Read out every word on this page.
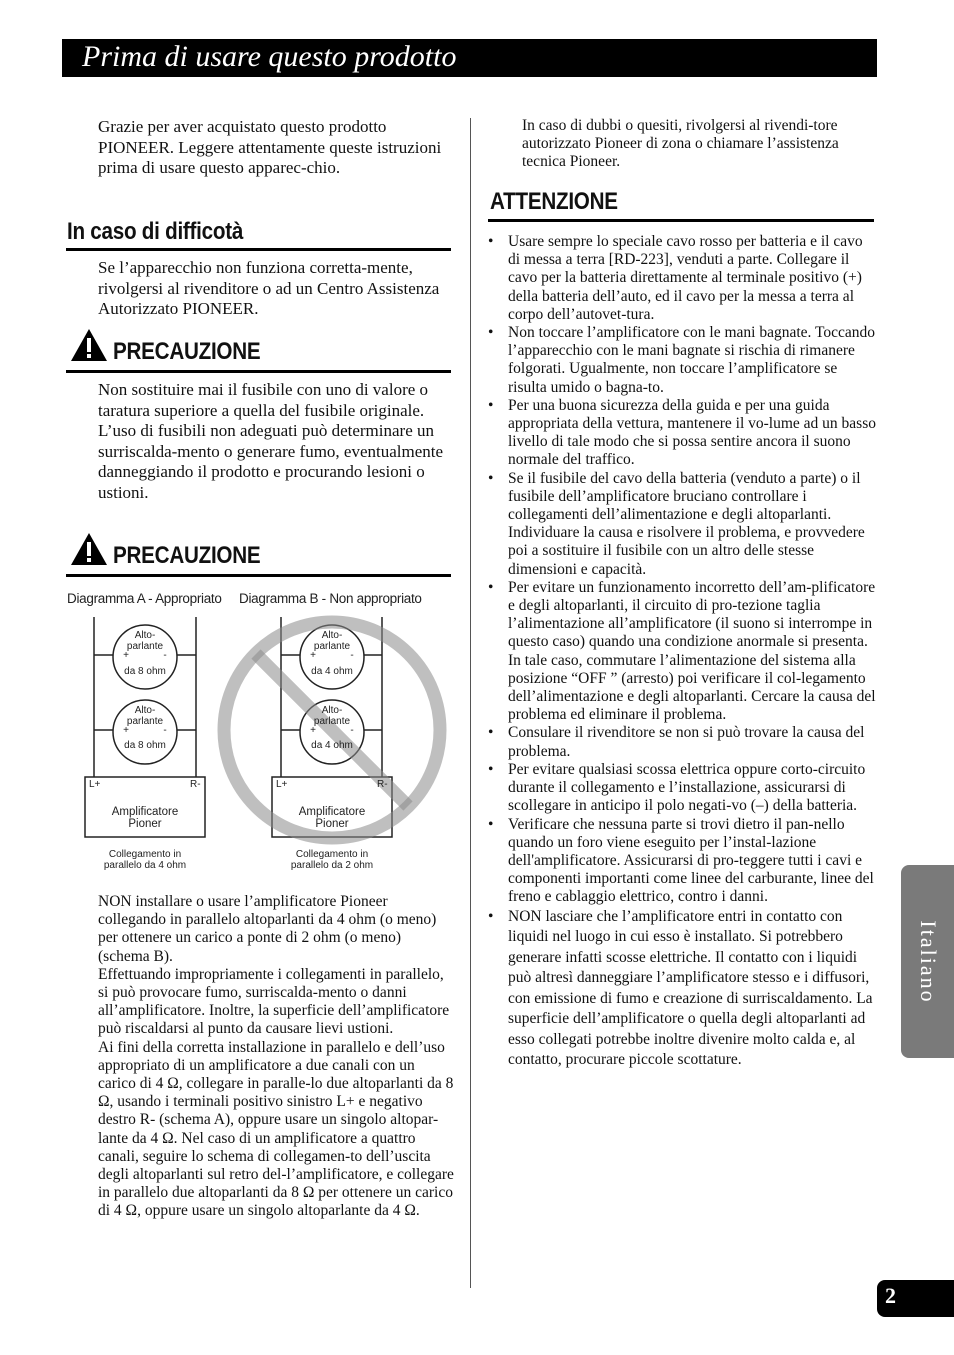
Prima di usare questo prodotto
Grazie per aver acquistato questo prodotto PIONEER. Leggere attentamente queste istruzioni prima di usare questo apparec-chio.
In caso di difficotà
Se l’apparecchio non funziona corretta-mente, rivolgersi al rivenditore o ad un Centro Assistenza Autorizzato PIONEER.
PRECAUZIONE
Non sostituire mai il fusibile con uno di valore o taratura superiore a quella del fusibile originale. L’uso di fusibili non adeguati può determinare un surriscalda-mento o generare fumo, eventualmente danneggiando il prodotto e procurando lesioni o ustioni.
PRECAUZIONE
Diagramma A - Appropriato Diagramma B - Non appropriato
Alto-
parlante
+	-
da 8 ohm
Alto-
parlante
+	-
da 8 ohm
L+	R-
Amplificatore
Pioner
Collegamento in
parallelo da 4 ohm
Alto-
parlante
+	-
da 4 ohm
Alto-
parlante
+	-
da 4 ohm
L+	R-
Amplificatore
Pioner
Collegamento in
parallelo da 2 ohm
NON installare o usare l’amplificatore Pioneer collegando in parallelo altoparlanti da 4 ohm (o meno) per ottenere un carico a ponte di 2 ohm (o meno) (schema B).
Effettuando impropriamente i collegamenti in parallelo, si può provocare fumo, surriscalda-mento o danni all’amplificatore. Inoltre, la superficie dell’amplificatore può riscaldarsi al punto da causare lievi ustioni.
Ai fini della corretta installazione in parallelo e dell’uso appropriato di un amplificatore a due canali con un carico di 4 Ω, collegare in paralle-lo due altoparlanti da 8 Ω, usando i terminali positivo sinistro L+ e negativo destro R- (schema A), oppure usare un singolo altopar-lante da 4 Ω. Nel caso di un amplificatore a quattro canali, seguire lo schema di collegamen-to dell’uscita degli altoparlanti sul retro del-l’amplificatore, e collegare in parallelo due altoparlanti da 8 Ω per ottenere un carico di 4 Ω, oppure usare un singolo altoparlante da 4 Ω.
In caso di dubbi o quesiti, rivolgersi al rivendi-tore autorizzato Pioneer di zona o chiamare l’assistenza tecnica Pioneer.
ATTENZIONE
• Usare sempre lo speciale cavo rosso per batteria e il cavo di messa a terra [RD-223], venduti a parte. Collegare il cavo per la batteria direttamente al terminale positivo (+) della batteria dell’auto, ed il cavo per la messa a terra al corpo dell’autovet-tura.
• Non toccare l’amplificatore con le mani bagnate. Toccando l’apparecchio con le mani bagnate si rischia di rimanere folgorati. Ugualmente, non toccare l’amplificatore se risulta umido o bagna-to.
• Per una buona sicurezza della guida e per una guida appropriata della vettura, mantenere il vo-lume ad un basso livello di tale modo che si possa sentire ancora il suono normale del traffico.
• Se il fusibile del cavo della batteria (venduto a parte) o il fusibile dell’amplificatore bruciano controllare i collegamenti dell’alimentazione e degli altoparlanti. Individuare la causa e risolvere il problema, e provvedere poi a sostituire il fusibile con un altro delle stesse dimensioni e capacità.
• Per evitare un funzionamento incorretto dell’am-plificatore e degli altoparlanti, il circuito di pro-tezione taglia l’alimentazione all’amplificatore (il suono si interrompe in questo caso) quando una condizione anormale si presenta. In tale caso, commutare l’alimentazione del sistema alla posizione “OFF ” (arresto) poi verificare il col-legamento dell’alimentazione e degli altoparlanti. Cercare la causa del problema ed eliminare il problema.
• Consulare il rivenditore se non si può trovare la causa del problema.
• Per evitare qualsiasi scossa elettrica oppure corto-circuito durante il collegamento e l’installazione, assicurarsi di scollegare in anticipo il polo negati-vo (–) della batteria.
• Verificare che nessuna parte si trovi dietro il pan-nello quando un foro viene eseguito per l’instal-lazione dell'amplificatore. Assicurarsi di pro-teggere tutti i cavi e componenti importanti come linee del carburante, linee del freno e cablaggio elettrico, contro i danni.
• NON lasciare che l’amplificatore entri in contatto con liquidi nel luogo in cui esso è installato. Si potrebbero generare infatti scosse elettriche. Il contatto con i liquidi può altresì danneggiare l’amplificatore stesso e i diffusori, con emissione di fumo e creazione di surriscaldamento. La superficie dell’amplificatore o quella degli altoparlanti ad esso collegati potrebbe inoltre divenire molto calda e, al contatto, procurare piccole scottature.
Italiano
2
